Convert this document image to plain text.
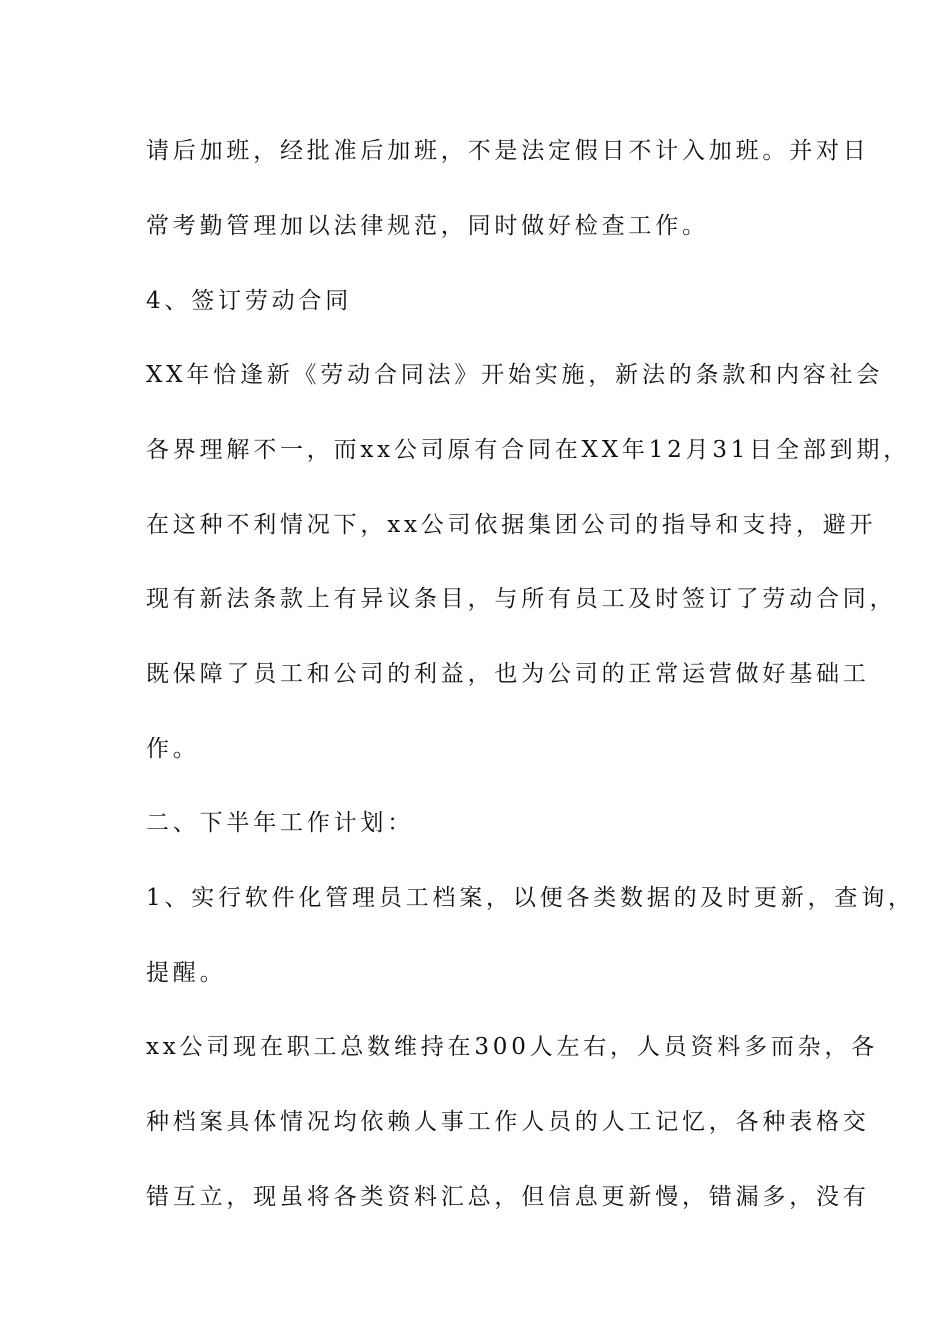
请后加班，经批准后加班，不是法定假日不计入加班。并对日
常考勤管理加以法律规范，同时做好检查工作。
4、签订劳动合同
XX年恰逢新《劳动合同法》开始实施，新法的条款和内容社会
各界理解不一，而xx公司原有合同在XX年12月31日全部到期，
在这种不利情况下，xx公司依据集团公司的指导和支持，避开
现有新法条款上有异议条目，与所有员工及时签订了劳动合同，
既保障了员工和公司的利益，也为公司的正常运营做好基础工
作。
二、下半年工作计划：
1、实行软件化管理员工档案，以便各类数据的及时更新，查询，
提醒。
xx公司现在职工总数维持在300人左右，人员资料多而杂，各
种档案具体情况均依赖人事工作人员的人工记忆，各种表格交
错互立，现虽将各类资料汇总，但信息更新慢，错漏多，没有
